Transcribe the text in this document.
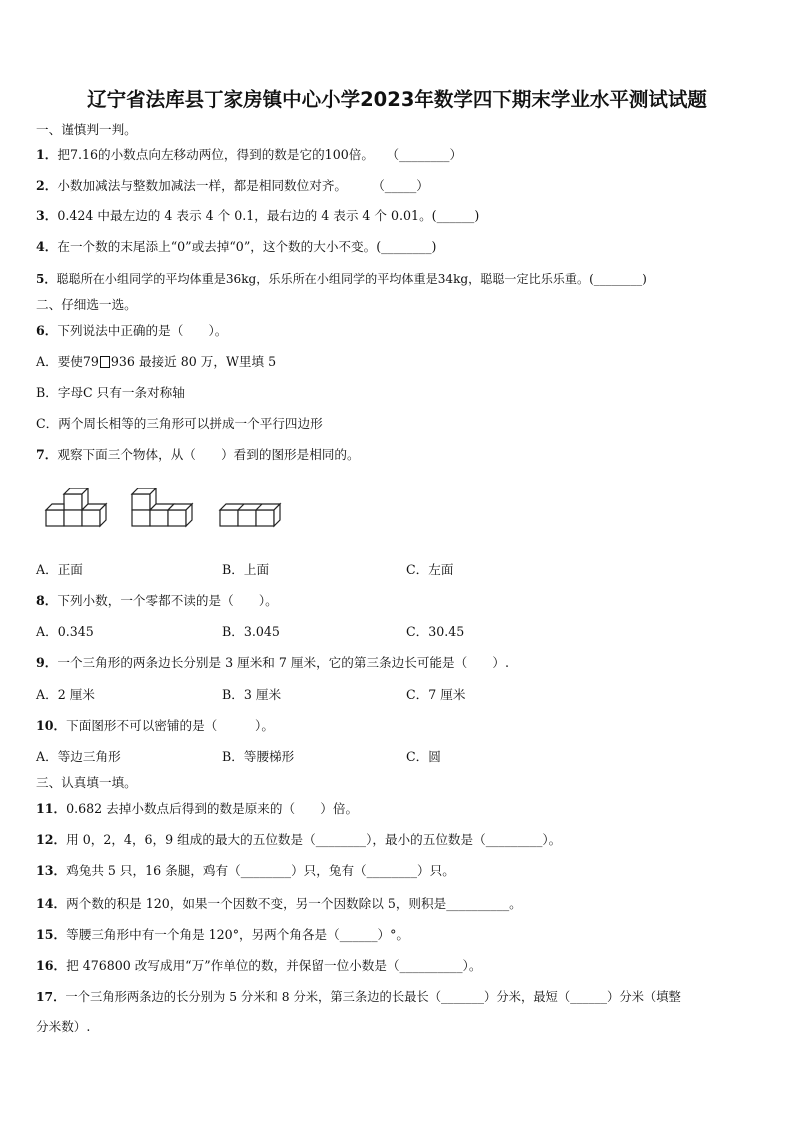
辽宁省法库县丁家房镇中心小学2023年数学四下期末学业水平测试试题
一、谨慎判一判。
1．把7.16的小数点向左移动两位，得到的数是它的100倍。　　（________）
2．小数加减法与整数加减法一样，都是相同数位对齐。　　　（_____）
3．0.424 中最左边的 4 表示 4 个 0.1，最右边的 4 表示 4 个 0.01。(______)
4．在一个数的末尾添上“0”或去掉“0”，这个数的大小不变。(________)
5．聪聪所在小组同学的平均体重是36kg，乐乐所在小组同学的平均体重是34kg，聪聪一定比乐乐重。(________)
二、仔细选一选。
6．下列说法中正确的是（　　）。
A．要使79 936 最接近 80 万，W里填 5
B．字母C 只有一条对称轴
C．两个周长相等的三角形可以拼成一个平行四边形
7．观察下面三个物体，从（　　）看到的图形是相同的。
A．正面	B．上面	C．左面
8．下列小数，一个零都不读的是（　　）。
A．0.345	B．3.045	C．30.45
9．一个三角形的两条边长分别是 3 厘米和 7 厘米，它的第三条边长可能是（　　）.
A．2 厘米	B．3 厘米	C．7 厘米
10．下面图形不可以密铺的是（　　　）。
A．等边三角形	B．等腰梯形	C．圆
三、认真填一填。
11．0.682 去掉小数点后得到的数是原来的（　　）倍。
12．用 0，2，4，6，9 组成的最大的五位数是（________），最小的五位数是（_________）。
13．鸡兔共 5 只，16 条腿，鸡有（________）只，兔有（________）只。
14．两个数的积是 120，如果一个因数不变，另一个因数除以 5，则积是__________。
15．等腰三角形中有一个角是 120°，另两个角各是（______）°。
16．把 476800 改写成用“万”作单位的数，并保留一位小数是（__________）。
17．一个三角形两条边的长分别为 5 分米和 8 分米，第三条边的长最长（_______）分米，最短（______）分米（填整
分米数）.
